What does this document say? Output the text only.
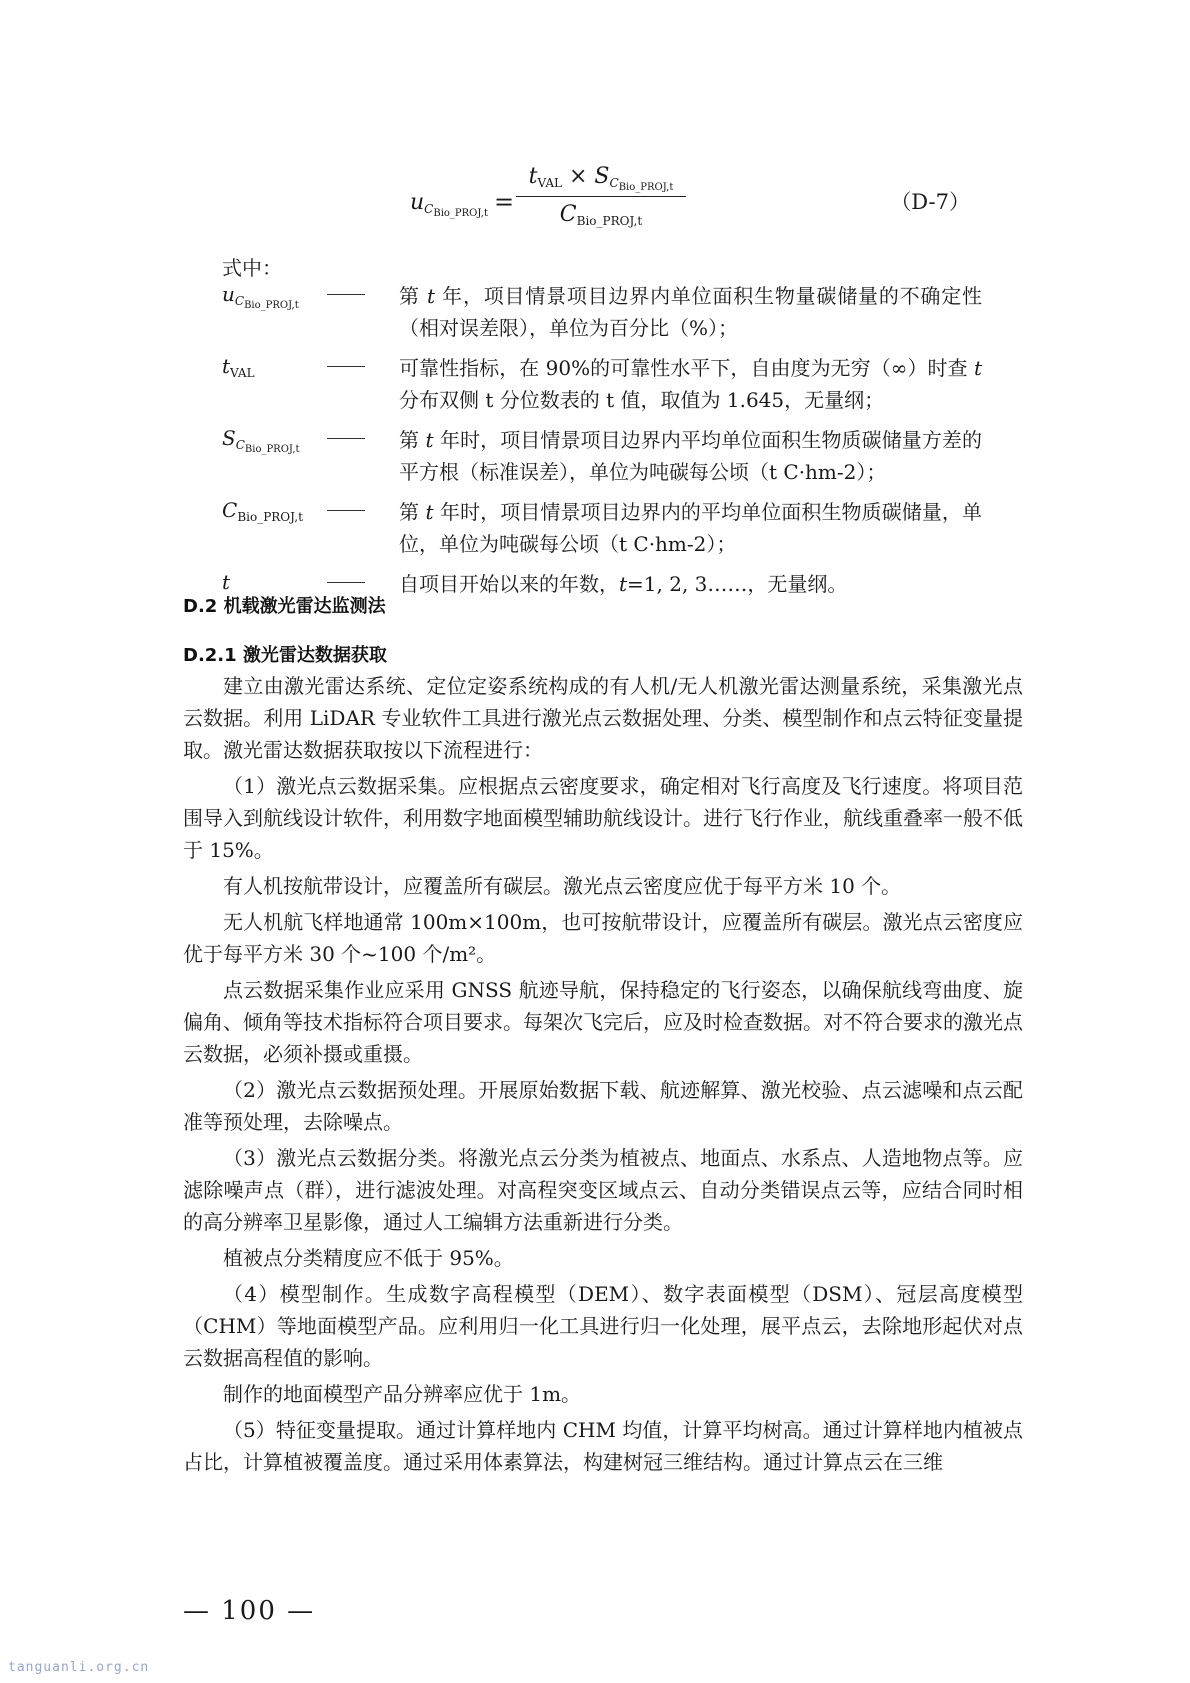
$u_{C_{Bio\_PROJ,t}}$ =
$t_{VAL} \times S_{C_{Bio\_PROJ,t}}$
$C_{Bio\_PROJ,t}$
（D-7）
式中：
$u_{C_{Bio\_PROJ,t}}$	第 t 年，项目情景项目边界内单位面积生物量碳储量的不确定性（相对误差限），单位为百分比（%）；
$t_{VAL}$	可靠性指标，在 90%的可靠性水平下，自由度为无穷（∞）时查 t 分布双侧 t 分位数表的 t 值，取值为 1.645，无量纲；
$S_{C_{Bio\_PROJ,t}}$	第 t 年时，项目情景项目边界内平均单位面积生物质碳储量方差的平方根（标准误差），单位为吨碳每公顷（t C·hm-2）；
$C_{Bio\_PROJ,t}$	第 t 年时，项目情景项目边界内的平均单位面积生物质碳储量，单位，单位为吨碳每公顷（t C·hm-2）；
t	自项目开始以来的年数，t=1, 2, 3……，无量纲。
D.2 机载激光雷达监测法
D.2.1 激光雷达数据获取

建立由激光雷达系统、定位定姿系统构成的有人机/无人机激光雷达测量系统，采集激光点云数据。利用 LiDAR 专业软件工具进行激光点云数据处理、分类、模型制作和点云特征变量提取。激光雷达数据获取按以下流程进行：

（1）激光点云数据采集。应根据点云密度要求，确定相对飞行高度及飞行速度。将项目范围导入到航线设计软件，利用数字地面模型辅助航线设计。进行飞行作业，航线重叠率一般不低于 15%。

有人机按航带设计，应覆盖所有碳层。激光点云密度应优于每平方米 10 个。

无人机航飞样地通常 100m×100m，也可按航带设计，应覆盖所有碳层。激光点云密度应优于每平方米 30 个~100 个/m²。

点云数据采集作业应采用 GNSS 航迹导航，保持稳定的飞行姿态，以确保航线弯曲度、旋偏角、倾角等技术指标符合项目要求。每架次飞完后，应及时检查数据。对不符合要求的激光点云数据，必须补摄或重摄。

（2）激光点云数据预处理。开展原始数据下载、航迹解算、激光校验、点云滤噪和点云配准等预处理，去除噪点。

（3）激光点云数据分类。将激光点云分类为植被点、地面点、水系点、人造地物点等。应滤除噪声点（群），进行滤波处理。对高程突变区域点云、自动分类错误点云等，应结合同时相的高分辨率卫星影像，通过人工编辑方法重新进行分类。

植被点分类精度应不低于 95%。

（4）模型制作。生成数字高程模型（DEM）、数字表面模型（DSM）、冠层高度模型（CHM）等地面模型产品。应利用归一化工具进行归一化处理，展平点云，去除地形起伏对点云数据高程值的影响。

制作的地面模型产品分辨率应优于 1m。

（5）特征变量提取。通过计算样地内 CHM 均值，计算平均树高。通过计算样地内植被点占比，计算植被覆盖度。通过采用体素算法，构建树冠三维结构。通过计算点云在三维

— 100 —
tanguanli.org.cn
